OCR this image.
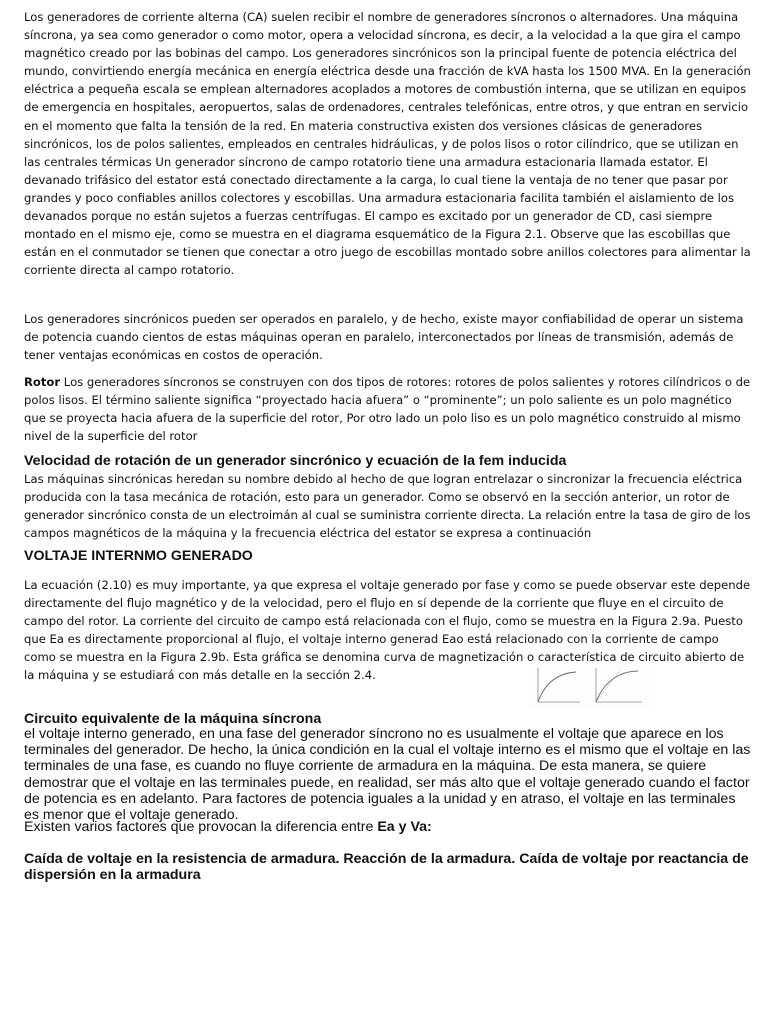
Los generadores de corriente alterna (CA) suelen recibir el nombre de generadores síncronos o alternadores. Una máquina síncrona, ya sea como generador o como motor, opera a velocidad síncrona, es decir, a la velocidad a la que gira el campo magnético creado por las bobinas del campo. Los generadores sincrónicos son la principal fuente de potencia eléctrica del mundo, convirtiendo energía mecánica en energía eléctrica desde una fracción de kVA hasta los 1500 MVA. En la generación eléctrica a pequeña escala se emplean alternadores acoplados a motores de combustión interna, que se utilizan en equipos de emergencia en hospitales, aeropuertos, salas de ordenadores, centrales telefónicas, entre otros, y que entran en servicio en el momento que falta la tensión de la red. En materia constructiva existen dos versiones clásicas de generadores sincrónicos, los de polos salientes, empleados en centrales hidráulicas, y de polos lisos o rotor cilíndrico, que se utilizan en las centrales térmicas Un generador síncrono de campo rotatorio tiene una armadura estacionaria llamada estator. El devanado trifásico del estator está conectado directamente a la carga, lo cual tiene la ventaja de no tener que pasar por grandes y poco confiables anillos colectores y escobillas. Una armadura estacionaria facilita también el aislamiento de los devanados porque no están sujetos a fuerzas centrífugas. El campo es excitado por un generador de CD, casi siempre montado en el mismo eje, como se muestra en el diagrama esquemático de la Figura 2.1. Observe que las escobillas que están en el conmutador se tienen que conectar a otro juego de escobillas montado sobre anillos colectores para alimentar la corriente directa al campo rotatorio.

Los generadores sincrónicos pueden ser operados en paralelo, y de hecho, existe mayor confiabilidad de operar un sistema de potencia cuando cientos de estas máquinas operan en paralelo, interconectados por líneas de transmisión, además de tener ventajas económicas en costos de operación.

Rotor Los generadores síncronos se construyen con dos tipos de rotores: rotores de polos salientes y rotores cilíndricos o de polos lisos. El término saliente significa “proyectado hacia afuera” o “prominente”; un polo saliente es un polo magnético que se proyecta hacia afuera de la superficie del rotor, Por otro lado un polo liso es un polo magnético construido al mismo nivel de la superficie del rotor

Velocidad de rotación de un generador sincrónico y ecuación de la fem inducida

Las máquinas sincrónicas heredan su nombre debido al hecho de que logran entrelazar o sincronizar la frecuencia eléctrica producida con la tasa mecánica de rotación, esto para un generador. Como se observó en la sección anterior, un rotor de generador sincrónico consta de un electroimán al cual se suministra corriente directa. La relación entre la tasa de giro de los campos magnéticos de la máquina y la frecuencia eléctrica del estator se expresa a continuación

VOLTAJE INTERNMO GENERADO

La ecuación (2.10) es muy importante, ya que expresa el voltaje generado por fase y como se puede observar este depende directamente del flujo magnético y de la velocidad, pero el flujo en sí depende de la corriente que fluye en el circuito de campo del rotor. La corriente del circuito de campo está relacionada con el flujo, como se muestra en la Figura 2.9a. Puesto que Ea es directamente proporcional al flujo, el voltaje interno generad Eao está relacionado con la corriente de campo como se muestra en la Figura 2.9b. Esta gráfica se denomina curva de magnetización o característica de circuito abierto de la máquina y se estudiará con más detalle en la sección 2.4.

Circuito equivalente de la máquina síncrona

el voltaje interno generado, en una fase del generador síncrono no es usualmente el voltaje que aparece en los terminales del generador. De hecho, la única condición en la cual el voltaje interno es el mismo que el voltaje en las terminales de una fase, es cuando no fluye corriente de armadura en la máquina. De esta manera, se quiere demostrar que el voltaje en las terminales puede, en realidad, ser más alto que el voltaje generado cuando el factor de potencia es en adelanto. Para factores de potencia iguales a la unidad y en atraso, el voltaje en las terminales es menor que el voltaje generado.

Existen varios factores que provocan la diferencia entre Ea y Va:

Caída de voltaje en la resistencia de armadura. Reacción de la armadura. Caída de voltaje por reactancia de dispersión en la armadura
